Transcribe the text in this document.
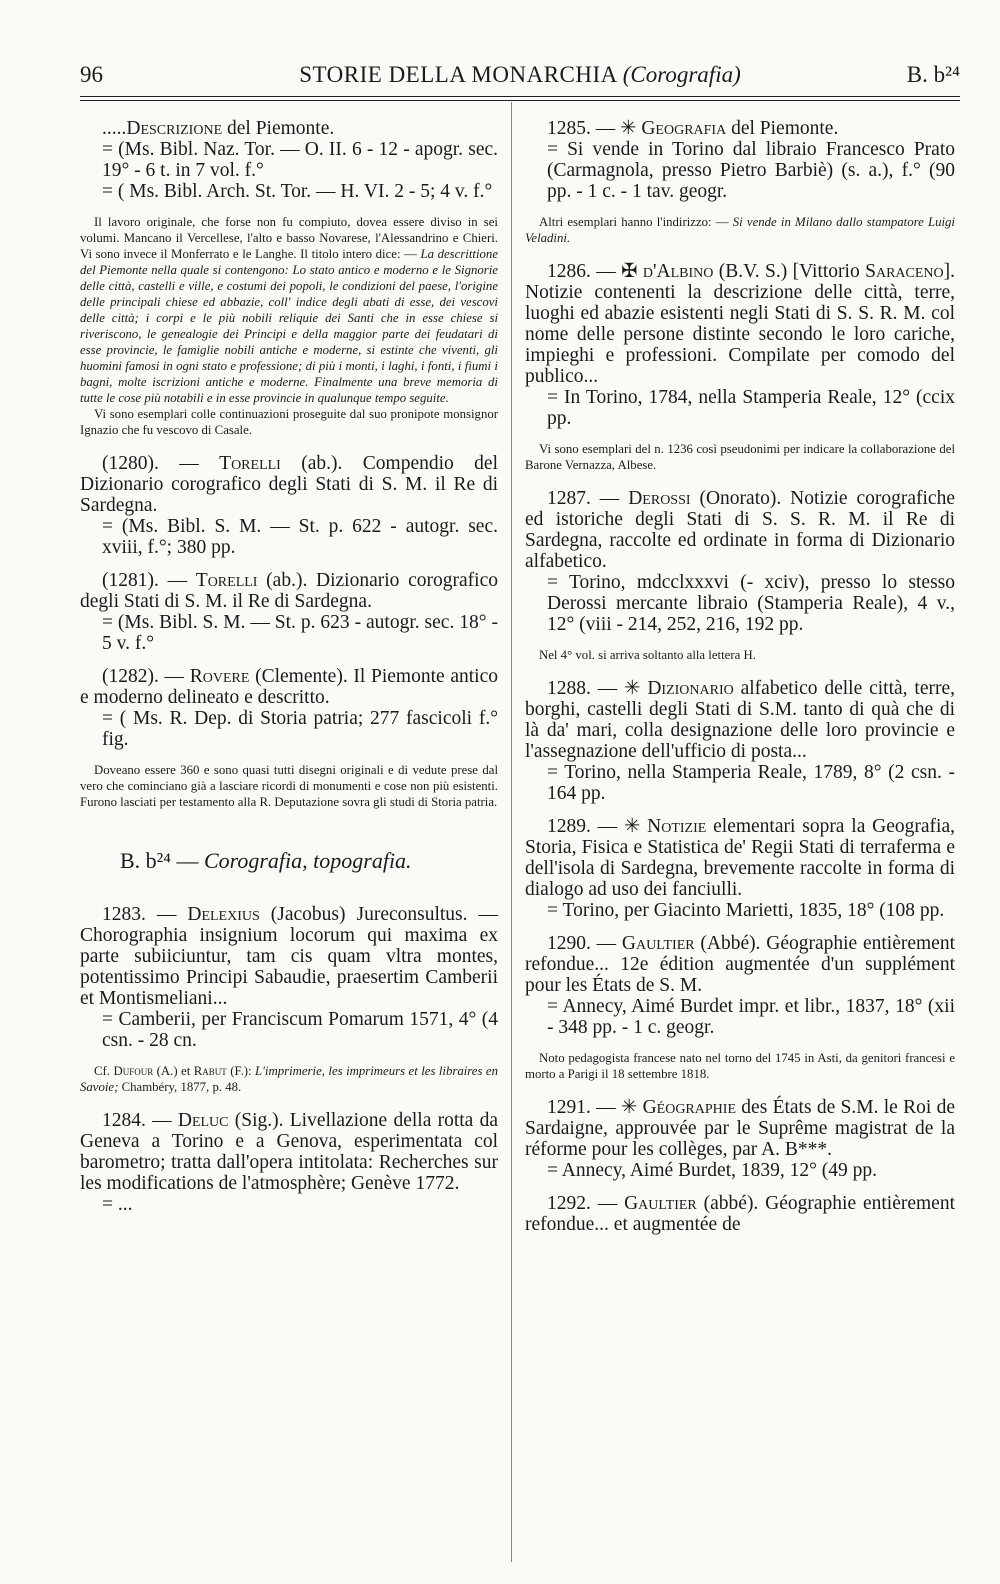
96	STORIE DELLA MONARCHIA (Corografia)	B. b²⁴
.....Descrizione del Piemonte.
= (Ms. Bibl. Naz. Tor. — O. II. 6 - 12 - apogr. sec. 19° - 6 t. in 7 vol. f.°
= ( Ms. Bibl. Arch. St. Tor. — H. VI. 2 - 5; 4 v. f.°
Il lavoro originale, che forse non fu compiuto, dovea essere diviso in sei volumi. Mancano il Vercellese, l'alto e basso Novarese, l'Alessandrino e Chieri. Vi sono invece il Monferrato e le Langhe. Il titolo intero dice: — La descrittione del Piemonte nella quale si contengono: Lo stato antico e moderno e le Signorie delle città, castelli e ville, e costumi dei popoli, le condizioni del paese, l'origine delle principali chiese ed abbazie, coll' indice degli abati di esse, dei vescovi delle città; i corpi e le più nobili reliquie dei Santi che in esse chiese si riveriscono, le genealogie dei Principi e della maggior parte dei feudatari di esse provincie, le famiglie nobili antiche e moderne, si estinte che viventi, gli huomini famosi in ogni stato e professione; di più i monti, i laghi, i fonti, i fiumi i bagni, molte iscrizioni antiche e moderne. Finalmente una breve memoria di tutte le cose più notabili e in esse provincie in qualunque tempo seguite.
Vi sono esemplari colle continuazioni proseguite dal suo pronipote monsignor Ignazio che fu vescovo di Casale.
(1280). — Torelli (ab.). Compendio del Dizionario corografico degli Stati di S. M. il Re di Sardegna.
= (Ms. Bibl. S. M. — St. p. 622 - autogr. sec. xviii, f.°; 380 pp.
(1281). — Torelli (ab.). Dizionario corografico degli Stati di S. M. il Re di Sardegna.
= (Ms. Bibl. S. M. — St. p. 623 - autogr. sec. 18° - 5 v. f.°
(1282). — Rovere (Clemente). Il Piemonte antico e moderno delineato e descritto.
= ( Ms. R. Dep. di Storia patria; 277 fascicoli f.° fig.
Doveano essere 360 e sono quasi tutti disegni originali e di vedute prese dal vero che cominciano già a lasciare ricordi di monumenti e cose non più esistenti. Furono lasciati per testamento alla R. Deputazione sovra gli studi di Storia patria.
B. b²⁴ — Corografia, topografia.
1283. — Delexius (Jacobus) Jureconsultus. — Chorographia insignium locorum qui maxima ex parte subiiciuntur, tam cis quam vltra montes, potentissimo Principi Sabaudie, praesertim Camberii et Montismeliani...
= Camberii, per Franciscum Pomarum 1571, 4° (4 csn. - 28 cn.
Cf. Dufour (A.) et Rabut (F.): L'imprimerie, les imprimeurs et les libraires en Savoie; Chambéry, 1877, p. 48.
1284. — Deluc (Sig.). Livellazione della rotta da Geneva a Torino e a Genova, esperimentata col barometro; tratta dall'opera intitolata: Recherches sur les modifications de l'atmosphère; Genève 1772.
= ...
1285. — ✳ Geografia del Piemonte.
= Si vende in Torino dal libraio Francesco Prato (Carmagnola, presso Pietro Barbiè) (s. a.), f.° (90 pp. - 1 c. - 1 tav. geogr.
Altri esemplari hanno l'indirizzo: — Si vende in Milano dallo stampatore Luigi Veladini.
1286. — ✠ d'Albino (B.V. S.) [Vittorio Saraceno]. Notizie contenenti la descrizione delle città, terre, luoghi ed abazie esistenti negli Stati di S. S. R. M. col nome delle persone distinte secondo le loro cariche, impieghi e professioni. Compilate per comodo del publico...
= In Torino, 1784, nella Stamperia Reale, 12° (ccix pp.
Vi sono esemplari del n. 1236 così pseudonimi per indicare la collaborazione del Barone Vernazza, Albese.
1287. — Derossi (Onorato). Notizie corografiche ed istoriche degli Stati di S. S. R. M. il Re di Sardegna, raccolte ed ordinate in forma di Dizionario alfabetico.
= Torino, mdcclxxxvi (- xciv), presso lo stesso Derossi mercante libraio (Stamperia Reale), 4 v., 12° (viii - 214, 252, 216, 192 pp.
Nel 4° vol. si arriva soltanto alla lettera H.
1288. — ✳ Dizionario alfabetico delle città, terre, borghi, castelli degli Stati di S.M. tanto di quà che di là da' mari, colla designazione delle loro provincie e l'assegnazione dell'ufficio di posta...
= Torino, nella Stamperia Reale, 1789, 8° (2 csn. - 164 pp.
1289. — ✳ Notizie elementari sopra la Geografia, Storia, Fisica e Statistica de' Regii Stati di terraferma e dell'isola di Sardegna, brevemente raccolte in forma di dialogo ad uso dei fanciulli.
= Torino, per Giacinto Marietti, 1835, 18° (108 pp.
1290. — Gaultier (Abbé). Géographie entièrement refondue... 12e édition augmentée d'un supplément pour les États de S. M.
= Annecy, Aimé Burdet impr. et libr., 1837, 18° (xii - 348 pp. - 1 c. geogr.
Noto pedagogista francese nato nel torno del 1745 in Asti, da genitori francesi e morto a Parigi il 18 settembre 1818.
1291. — ✳ Géographie des États de S.M. le Roi de Sardaigne, approuvée par le Suprême magistrat de la réforme pour les collèges, par A. B***.
= Annecy, Aimé Burdet, 1839, 12° (49 pp.
1292. — Gaultier (abbé). Géographie entièrement refondue... et augmentée de
